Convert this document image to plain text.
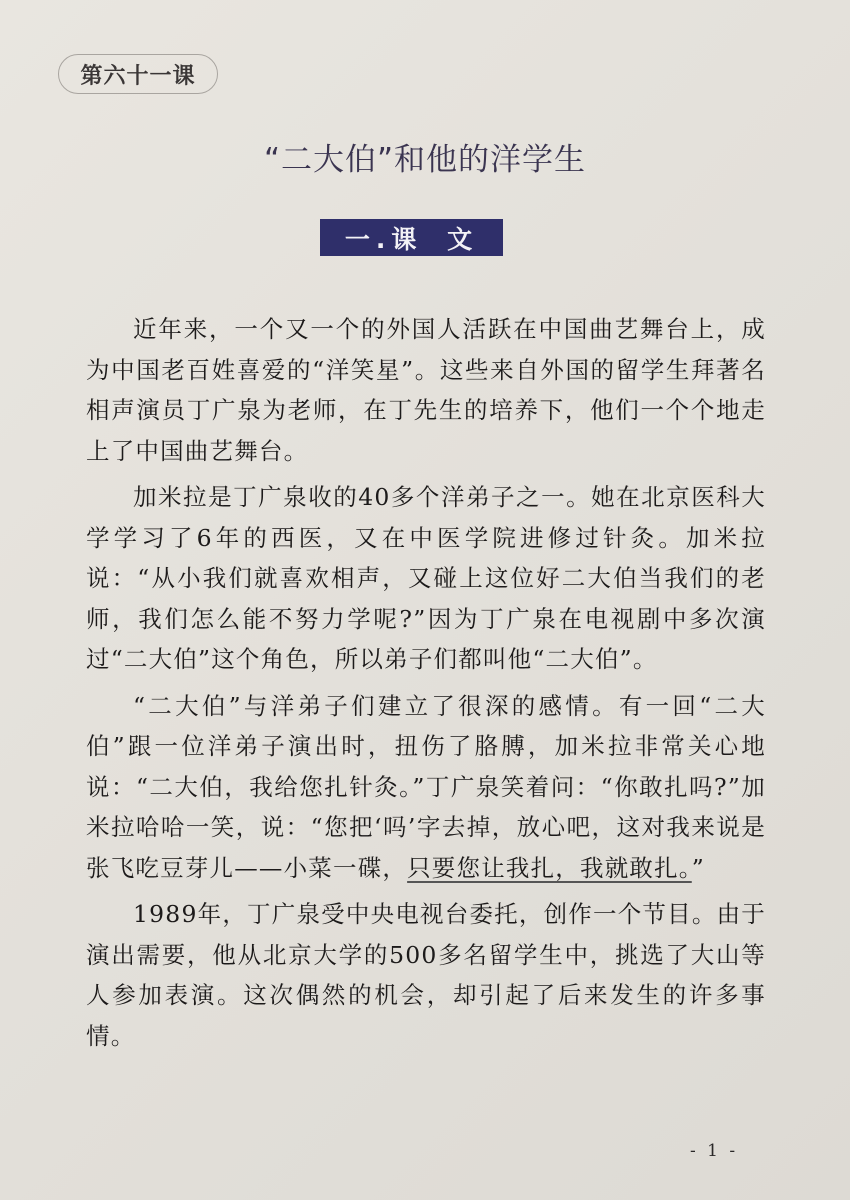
第六十一课
“二大伯”和他的洋学生
一.课 文

近年来，一个又一个的外国人活跃在中国曲艺舞台上，成为中国老百姓喜爱的“洋笑星”。这些来自外国的留学生拜著名相声演员丁广泉为老师，在丁先生的培养下，他们一个个地走上了中国曲艺舞台。

加米拉是丁广泉收的40多个洋弟子之一。她在北京医科大学学习了6年的西医，又在中医学院进修过针灸。加米拉说：“从小我们就喜欢相声，又碰上这位好二大伯当我们的老师，我们怎么能不努力学呢?”因为丁广泉在电视剧中多次演过“二大伯”这个角色，所以弟子们都叫他“二大伯”。

“二大伯”与洋弟子们建立了很深的感情。有一回“二大伯”跟一位洋弟子演出时，扭伤了胳膊，加米拉非常关心地说：“二大伯，我给您扎针灸。”丁广泉笑着问：“你敢扎吗?”加米拉哈哈一笑，说：“您把‘吗’字去掉，放心吧，这对我来说是张飞吃豆芽儿——小菜一碟，只要您让我扎，我就敢扎。”

1989年，丁广泉受中央电视台委托，创作一个节目。由于演出需要，他从北京大学的500多名留学生中，挑选了大山等人参加表演。这次偶然的机会，却引起了后来发生的许多事情。

- 1 -
